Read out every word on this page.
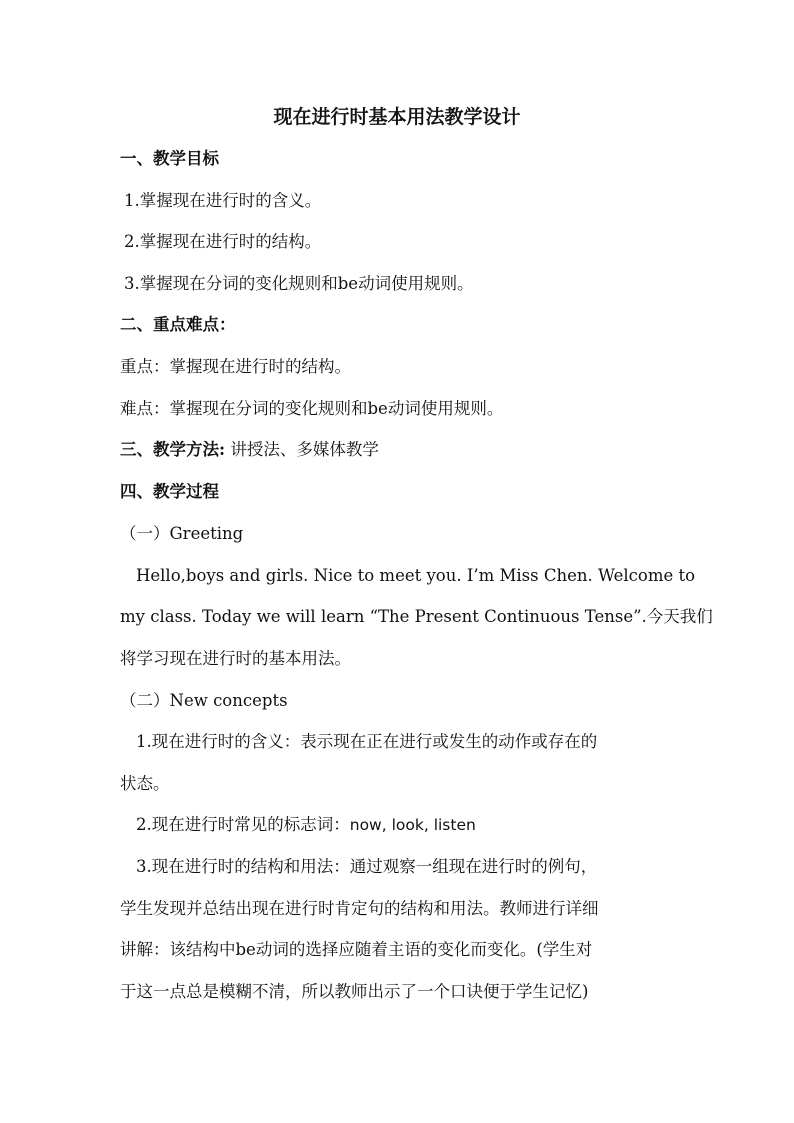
现在进行时基本用法教学设计
一、教学目标
1.掌握现在进行时的含义。
2.掌握现在进行时的结构。
3.掌握现在分词的变化规则和be动词使用规则。
二、重点难点：
重点：掌握现在进行时的结构。
难点：掌握现在分词的变化规则和be动词使用规则。
三、教学方法: 讲授法、多媒体教学
四、教学过程
（一）Greeting
Hello,boys and girls. Nice to meet you. I’m Miss Chen. Welcome to
my class. Today we will learn “The Present Continuous Tense”.今天我们
将学习现在进行时的基本用法。
（二）New concepts
1.现在进行时的含义：表示现在正在进行或发生的动作或存在的
状态。
2.现在进行时常见的标志词：now, look, listen
3.现在进行时的结构和用法：通过观察一组现在进行时的例句，
学生发现并总结出现在进行时肯定句的结构和用法。教师进行详细
讲解：该结构中be动词的选择应随着主语的变化而变化。(学生对
于这一点总是模糊不清，所以教师出示了一个口诀便于学生记忆)
